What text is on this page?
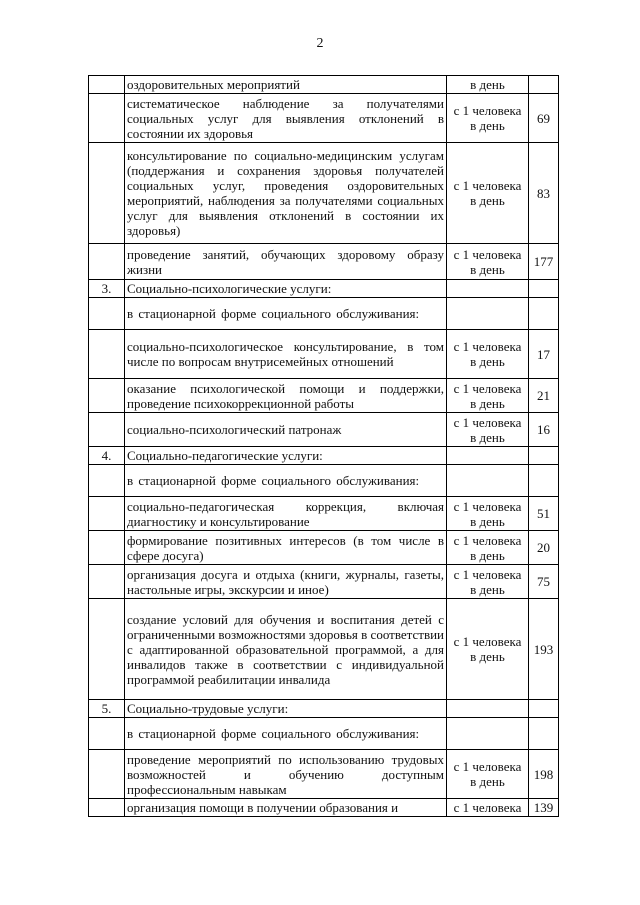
2
	оздоровительных мероприятий	в день	
	систематическое наблюдение за получателями социальных услуг для выявления отклонений в состоянии их здоровья	с 1 человека в день	69
	консультирование по социально-медицинским услугам (поддержания и сохранения здоровья получателей социальных услуг, проведения оздоровительных мероприятий, наблюдения за получателями социальных услуг для выявления отклонений в состоянии их здоровья)	с 1 человека в день	83
	проведение занятий, обучающих здоровому образу жизни	с 1 человека в день	177
3.	Социально-психологические услуги:		
	в стационарной форме социального обслуживания:		
	социально-психологическое консультирование, в том числе по вопросам внутрисемейных отношений	с 1 человека в день	17
	оказание психологической помощи и поддержки, проведение психокоррекционной работы	с 1 человека в день	21
	социально-психологический патронаж	с 1 человека в день	16
4.	Социально-педагогические услуги:		
	в стационарной форме социального обслуживания:		
	социально-педагогическая коррекция, включая диагностику и консультирование	с 1 человека в день	51
	формирование позитивных интересов (в том числе в сфере досуга)	с 1 человека в день	20
	организация досуга и отдыха (книги, журналы, газеты, настольные игры, экскурсии и иное)	с 1 человека в день	75
	создание условий для обучения и воспитания детей с ограниченными возможностями здоровья в соответствии с адаптированной образовательной программой, а для инвалидов также в соответствии с индивидуальной программой реабилитации инвалида	с 1 человека в день	193
5.	Социально-трудовые услуги:		
	в стационарной форме социального обслуживания:		
	проведение мероприятий по использованию трудовых возможностей и обучению доступным профессиональным навыкам	с 1 человека в день	198
	организация помощи в получении образования и	с 1 человека	139
